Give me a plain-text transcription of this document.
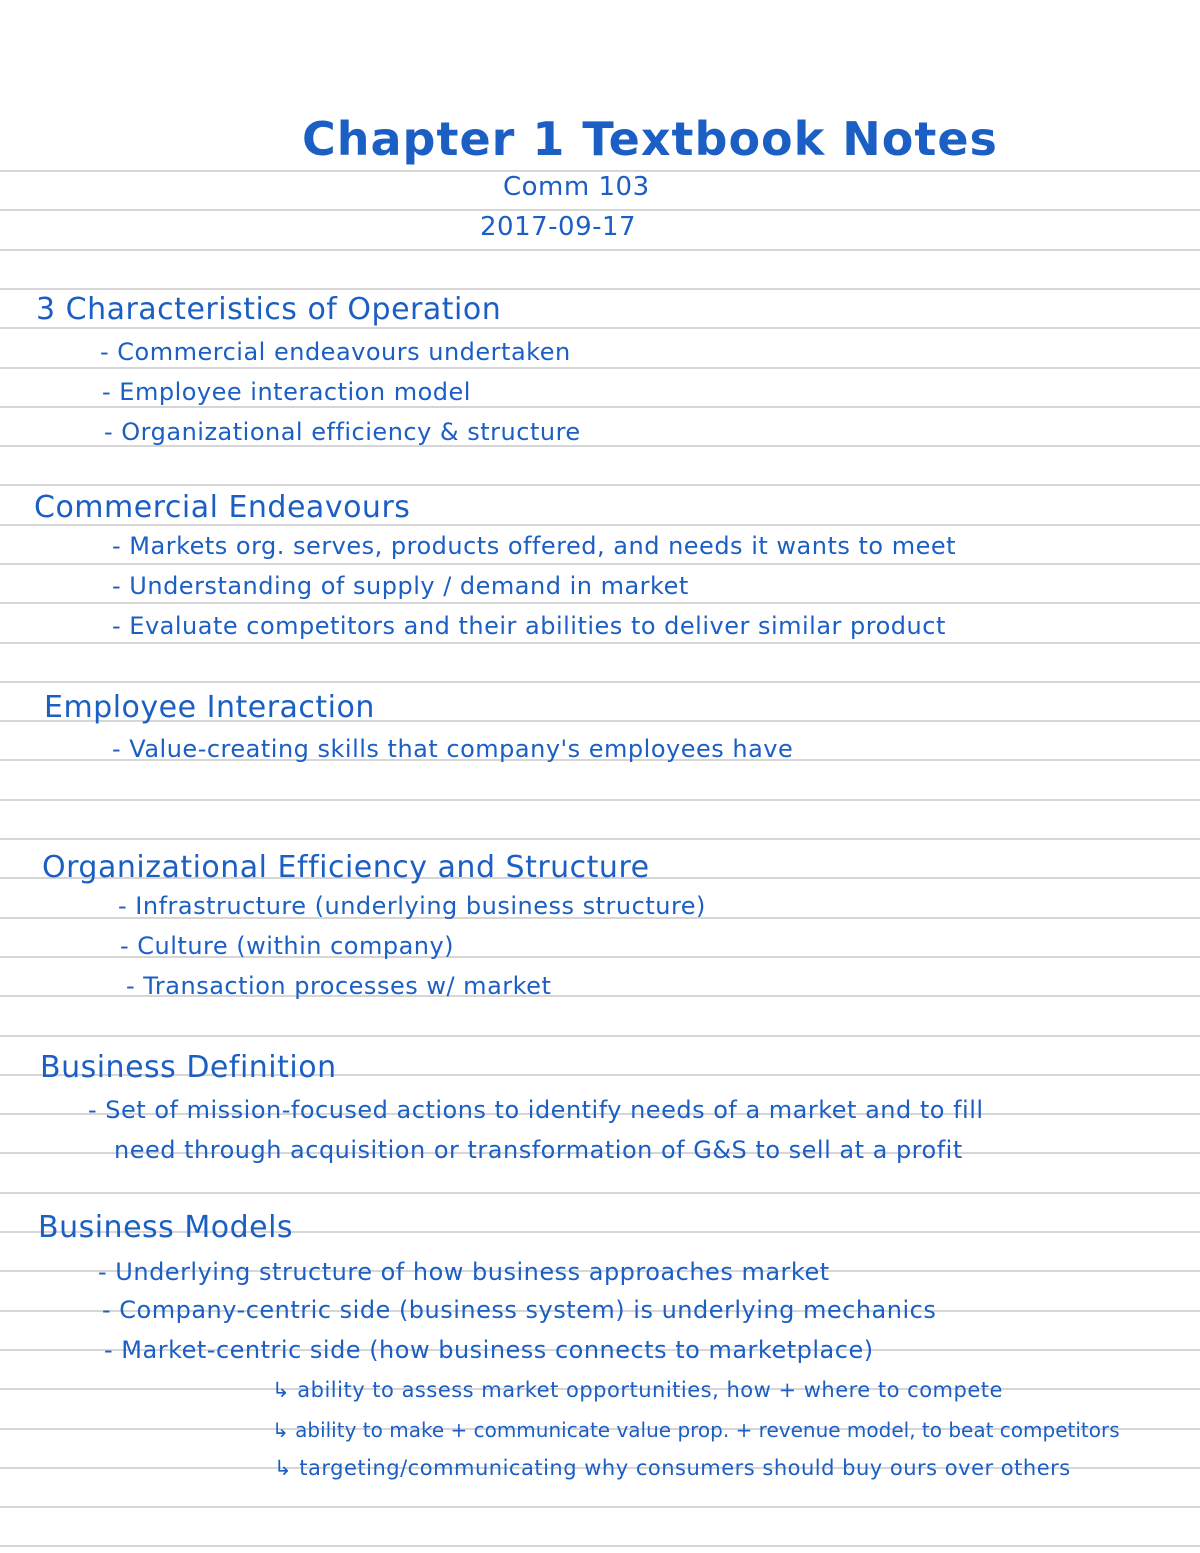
Chapter 1 Textbook Notes
Comm 103
2017-09-17
3 Characteristics of Operation
- Commercial endeavours undertaken
- Employee interaction model
- Organizational efficiency & structure
Commercial Endeavours
- Markets org. serves, products offered, and needs it wants to meet
- Understanding of supply / demand in market
- Evaluate competitors and their abilities to deliver similar product
Employee Interaction
- Value-creating skills that company's employees have
Organizational Efficiency and Structure
- Infrastructure (underlying business structure)
- Culture (within company)
- Transaction processes w/ market
Business Definition
- Set of mission-focused actions to identify needs of a market and to fill
need through acquisition or transformation of G&S to sell at a profit
Business Models
- Underlying structure of how business approaches market
- Company-centric side (business system) is underlying mechanics
- Market-centric side (how business connects to marketplace)
↳ ability to assess market opportunities, how + where to compete
↳ ability to make + communicate value prop. + revenue model, to beat competitors
↳ targeting/communicating why consumers should buy ours over others
